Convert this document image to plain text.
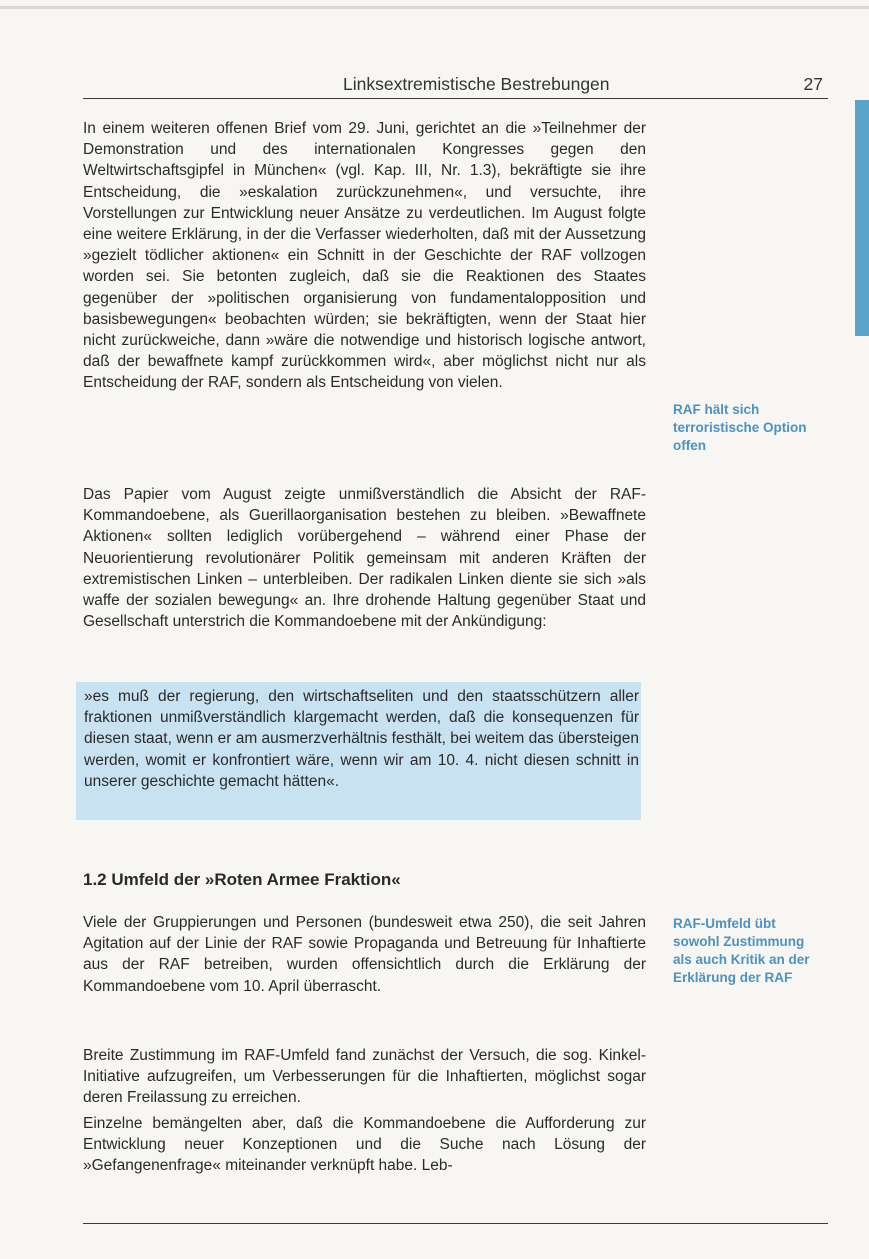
Linksextremistische Bestrebungen	27

In einem weiteren offenen Brief vom 29. Juni, gerichtet an die »Teilnehmer der Demonstration und des internationalen Kongresses gegen den Weltwirtschaftsgipfel in München« (vgl. Kap. III, Nr. 1.3), bekräftigte sie ihre Entscheidung, die »eskalation zurückzunehmen«, und versuchte, ihre Vorstellungen zur Entwicklung neuer Ansätze zu verdeutlichen. Im August folgte eine weitere Erklärung, in der die Verfasser wiederholten, daß mit der Aussetzung »gezielt tödlicher aktionen« ein Schnitt in der Geschichte der RAF vollzogen worden sei. Sie betonten zugleich, daß sie die Reaktionen des Staates gegenüber der »politischen organisierung von fundamentalopposition und basisbewegungen« beobachten würden; sie bekräftigten, wenn der Staat hier nicht zurückweiche, dann »wäre die notwendige und historisch logische antwort, daß der bewaffnete kampf zurückkommen wird«, aber möglichst nicht nur als Entscheidung der RAF, sondern als Entscheidung von vielen.

RAF hält sich terroristische Option offen

Das Papier vom August zeigte unmißverständlich die Absicht der RAF-Kommandoebene, als Guerillaorganisation bestehen zu bleiben. »Bewaffnete Aktionen« sollten lediglich vorübergehend – während einer Phase der Neuorientierung revolutionärer Politik gemeinsam mit anderen Kräften der extremistischen Linken – unterbleiben. Der radikalen Linken diente sie sich »als waffe der sozialen bewegung« an. Ihre drohende Haltung gegenüber Staat und Gesellschaft unterstrich die Kommandoebene mit der Ankündigung:

»es muß der regierung, den wirtschaftseliten und den staatsschützern aller fraktionen unmißverständlich klargemacht werden, daß die konsequenzen für diesen staat, wenn er am ausmerzverhältnis festhält, bei weitem das übersteigen werden, womit er konfrontiert wäre, wenn wir am 10. 4. nicht diesen schnitt in unserer geschichte gemacht hätten«.

1.2 Umfeld der »Roten Armee Fraktion«

Viele der Gruppierungen und Personen (bundesweit etwa 250), die seit Jahren Agitation auf der Linie der RAF sowie Propaganda und Betreuung für Inhaftierte aus der RAF betreiben, wurden offensichtlich durch die Erklärung der Kommandoebene vom 10. April überrascht.

RAF-Umfeld übt sowohl Zustimmung als auch Kritik an der Erklärung der RAF

Breite Zustimmung im RAF-Umfeld fand zunächst der Versuch, die sog. Kinkel-Initiative aufzugreifen, um Verbesserungen für die Inhaftierten, möglichst sogar deren Freilassung zu erreichen.

Einzelne bemängelten aber, daß die Kommandoebene die Aufforderung zur Entwicklung neuer Konzeptionen und die Suche nach Lösung der »Gefangenenfrage« miteinander verknüpft habe. Leb-
